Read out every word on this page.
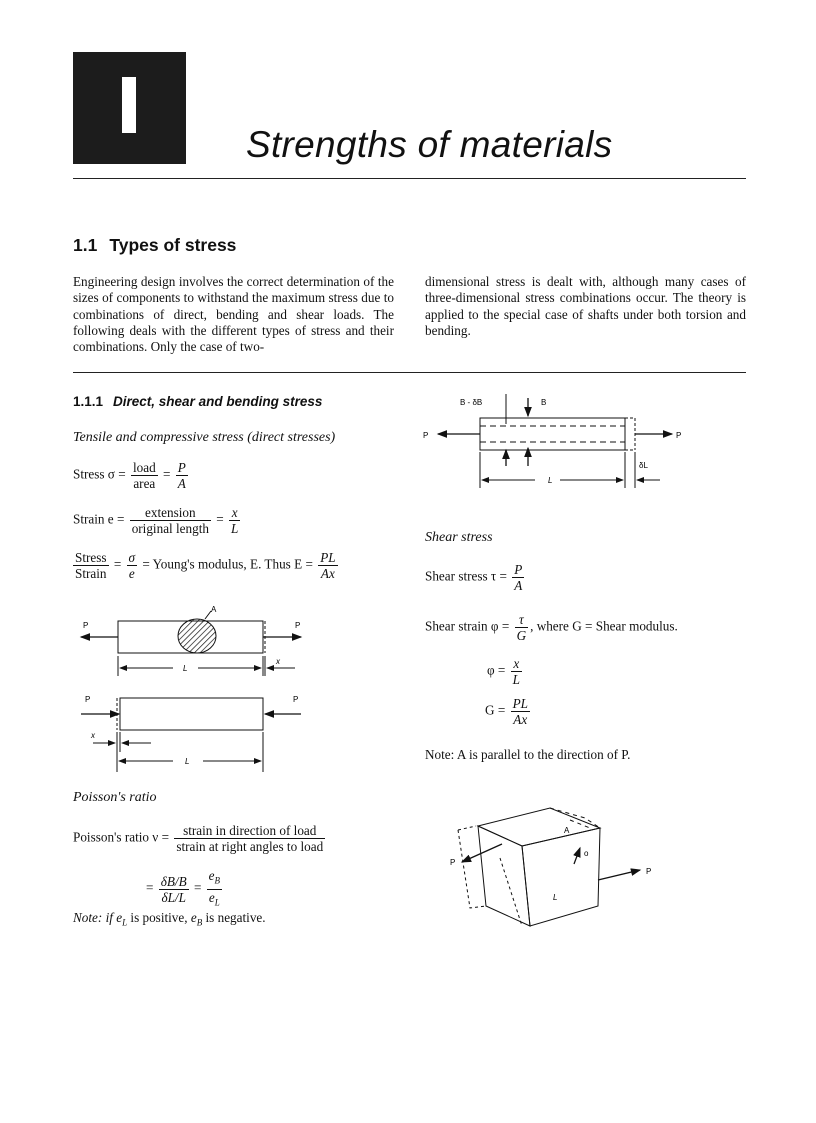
Strengths of materials
1.1 Types of stress
Engineering design involves the correct determination of the sizes of components to withstand the maximum stress due to combinations of direct, bending and shear loads. The following deals with the different types of stress and their combinations. Only the case of two-
dimensional stress is dealt with, although many cases of three-dimensional stress combinations occur. The theory is applied to the special case of shafts under both torsion and bending.
1.1.1 Direct, shear and bending stress
Tensile and compressive stress (direct stresses)
Stress $\sigma = \frac{\text{load}}{\text{area}} = \frac{P}{A}$
Strain $e = \frac{\text{extension}}{\text{original length}} = \frac{x}{L}$
$\frac{\text{Stress}}{\text{Strain}} = \frac{\sigma}{e}$ = Young's modulus, E. Thus $E = \frac{PL}{Ax}$
P	P
A
L
x
P	P
x
L
Poisson's ratio
Poisson's ratio $\nu = \frac{\text{strain in direction of load}}{\text{strain at right angles to load}}$
= $\frac{\delta B/B}{\delta L/L} = \frac{e_B}{e_L}$
Note: if $e_L$ is positive, $e_B$ is negative.
B - δB	B
P	P
L
δL
Shear stress
Shear stress $\tau = \frac{P}{A}$
Shear strain $\varphi = \frac{\tau}{G}$ , where G = Shear modulus.
$\varphi = \frac{x}{L}$
$G = \frac{PL}{Ax}$
Note: A is parallel to the direction of P.
P
P
A
L
o
